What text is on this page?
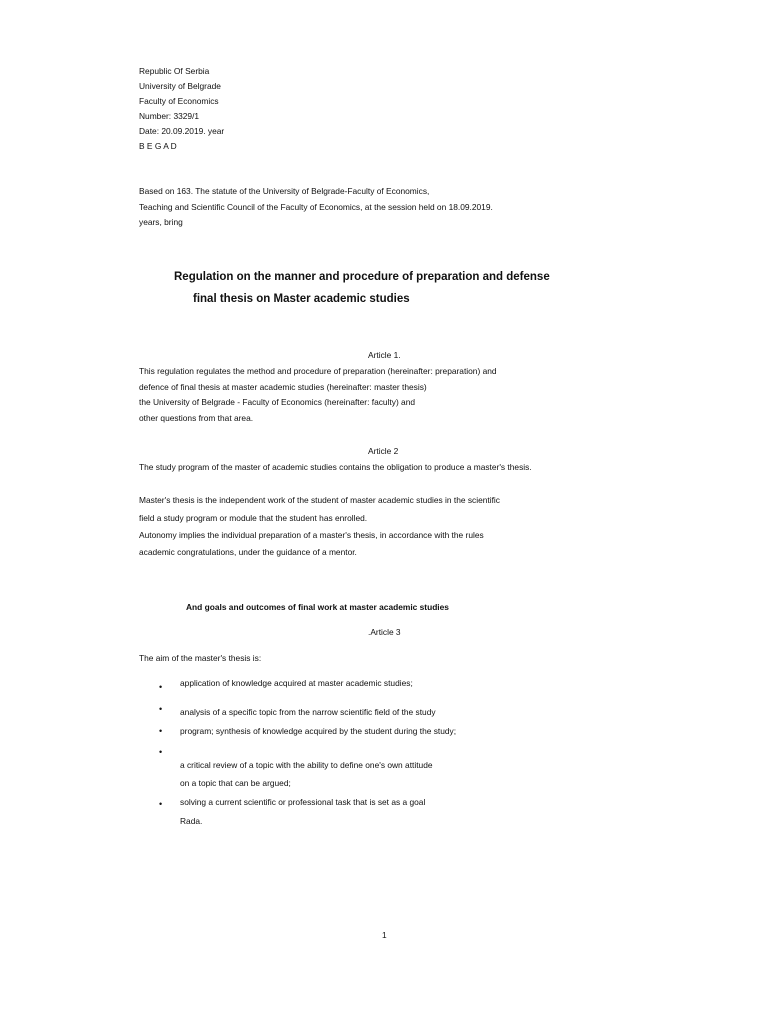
Republic Of Serbia
University of Belgrade
Faculty of Economics
Number: 3329/1
Date: 20.09.2019. year
B E G A D
Based on 163. The statute of the University of Belgrade-Faculty of Economics,
Teaching and Scientific Council of the Faculty of Economics, at the session held on 18.09.2019.
years, bring
Regulation on the manner and procedure of preparation and defense
final thesis on Master academic studies
Article 1.
This regulation regulates the method and procedure of preparation (hereinafter: preparation) and
defence of final thesis at master academic studies (hereinafter: master thesis)
the University of Belgrade - Faculty of Economics (hereinafter: faculty) and
other questions from that area.
Article 2
The study program of the master of academic studies contains the obligation to produce a master's thesis.
Master's thesis is the independent work of the student of master academic studies in the scientific
field a study program or module that the student has enrolled.
Autonomy implies the individual preparation of a master's thesis, in accordance with the rules
academic congratulations, under the guidance of a mentor.
And goals and outcomes of final work at master academic studies
.Article 3
The aim of the master's thesis is:
• application of knowledge acquired at master academic studies;
• analysis of a specific topic from the narrow scientific field of the study
• program; synthesis of knowledge acquired by the student during the study;
•
a critical review of a topic with the ability to define one's own attitude
on a topic that can be argued;
• solving a current scientific or professional task that is set as a goal
Rada.
1
